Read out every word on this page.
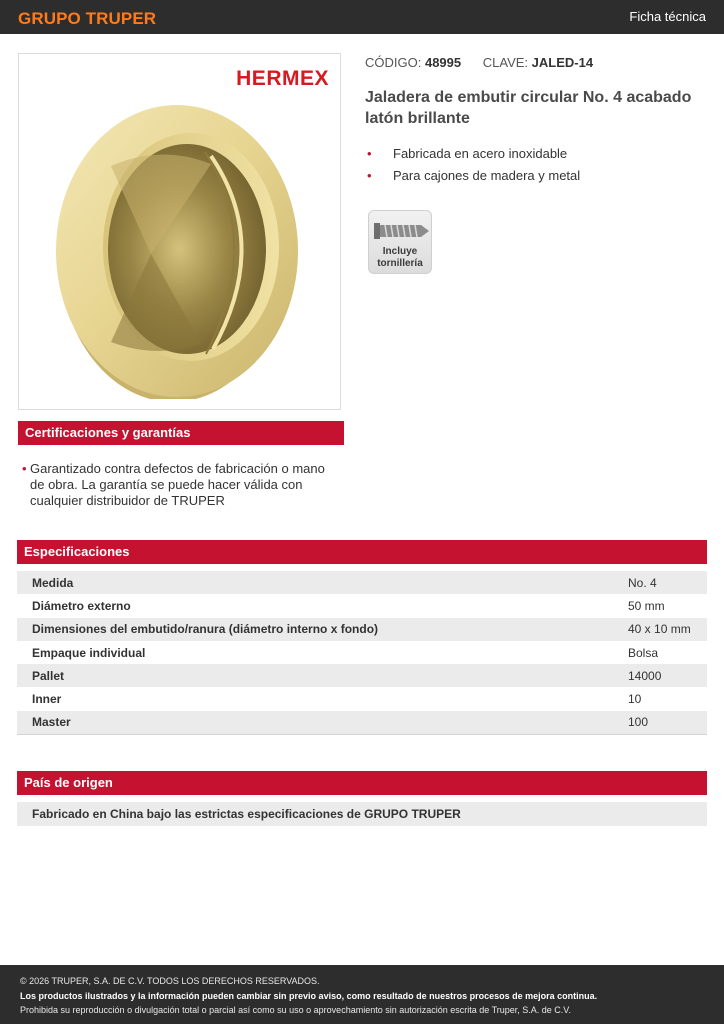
GRUPO TRUPER	Ficha técnica
HERMEX
CÓDIGO: 48995 CLAVE: JALED-14
Jaladera de embutir circular No. 4 acabado latón brillante
• Fabricada en acero inoxidable
• Para cajones de madera y metal
Incluye
tornillería
Certificaciones y garantías
• Garantizado contra defectos de fabricación o mano de obra. La garantía se puede hacer válida con cualquier distribuidor de TRUPER
Especificaciones
Medida	No. 4
Diámetro externo	50 mm
Dimensiones del embutido/ranura (diámetro interno x fondo)	40 x 10 mm
Empaque individual	Bolsa
Pallet	14000
Inner	10
Master	100
País de origen
Fabricado en China bajo las estrictas especificaciones de GRUPO TRUPER
© 2026 TRUPER, S.A. DE C.V. TODOS LOS DERECHOS RESERVADOS.
Los productos ilustrados y la información pueden cambiar sin previo aviso, como resultado de nuestros procesos de mejora continua.
Prohibida su reproducción o divulgación total o parcial así como su uso o aprovechamiento sin autorización escrita de Truper, S.A. de C.V.
